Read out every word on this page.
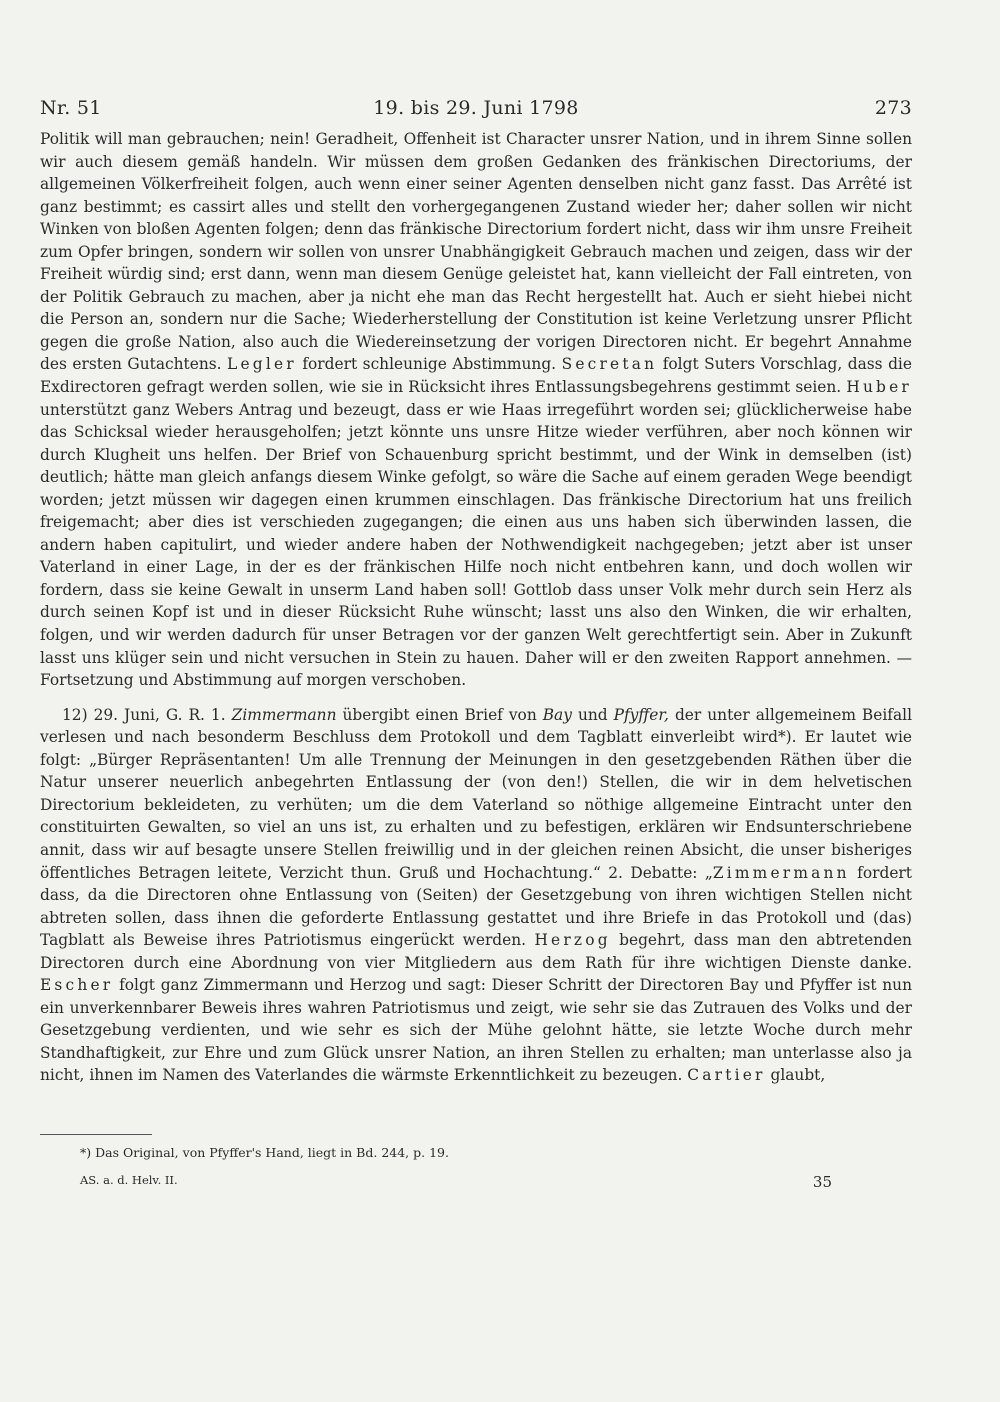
Nr. 51	19. bis 29. Juni 1798	273

Politik will man gebrauchen; nein! Geradheit, Offenheit ist Character unsrer Nation, und in ihrem Sinne sollen wir auch diesem gemäß handeln. Wir müssen dem großen Gedanken des fränkischen Directoriums, der allgemeinen Völkerfreiheit folgen, auch wenn einer seiner Agenten denselben nicht ganz fasst. Das Arrêté ist ganz bestimmt; es cassirt alles und stellt den vorhergegangenen Zustand wieder her; daher sollen wir nicht Winken von bloßen Agenten folgen; denn das fränkische Directorium fordert nicht, dass wir ihm unsre Freiheit zum Opfer bringen, sondern wir sollen von unsrer Unabhängigkeit Gebrauch machen und zeigen, dass wir der Freiheit würdig sind; erst dann, wenn man diesem Genüge geleistet hat, kann vielleicht der Fall eintreten, von der Politik Gebrauch zu machen, aber ja nicht ehe man das Recht hergestellt hat. Auch er sieht hiebei nicht die Person an, sondern nur die Sache; Wiederherstellung der Constitution ist keine Verletzung unsrer Pflicht gegen die große Nation, also auch die Wiedereinsetzung der vorigen Directoren nicht. Er begehrt Annahme des ersten Gutachtens. Legler fordert schleunige Abstimmung. Secretan folgt Suters Vorschlag, dass die Exdirectoren gefragt werden sollen, wie sie in Rücksicht ihres Entlassungsbegehrens gestimmt seien. Huber unterstützt ganz Webers Antrag und bezeugt, dass er wie Haas irregeführt worden sei; glücklicherweise habe das Schicksal wieder herausgeholfen; jetzt könnte uns unsre Hitze wieder verführen, aber noch können wir durch Klugheit uns helfen. Der Brief von Schauenburg spricht bestimmt, und der Wink in demselben (ist) deutlich; hätte man gleich anfangs diesem Winke gefolgt, so wäre die Sache auf einem geraden Wege beendigt worden; jetzt müssen wir dagegen einen krummen einschlagen. Das fränkische Directorium hat uns freilich freigemacht; aber dies ist verschieden zugegangen; die einen aus uns haben sich überwinden lassen, die andern haben capitulirt, und wieder andere haben der Nothwendigkeit nachgegeben; jetzt aber ist unser Vaterland in einer Lage, in der es der fränkischen Hilfe noch nicht entbehren kann, und doch wollen wir fordern, dass sie keine Gewalt in unserm Land haben soll! Gottlob dass unser Volk mehr durch sein Herz als durch seinen Kopf ist und in dieser Rücksicht Ruhe wünscht; lasst uns also den Winken, die wir erhalten, folgen, und wir werden dadurch für unser Betragen vor der ganzen Welt gerechtfertigt sein. Aber in Zukunft lasst uns klüger sein und nicht versuchen in Stein zu hauen. Daher will er den zweiten Rapport annehmen. — Fortsetzung und Abstimmung auf morgen verschoben.

12) 29. Juni, G. R. 1. Zimmermann übergibt einen Brief von Bay und Pfyffer, der unter allgemeinem Beifall verlesen und nach besonderm Beschluss dem Protokoll und dem Tagblatt einverleibt wird*). Er lautet wie folgt: „Bürger Repräsentanten! Um alle Trennung der Meinungen in den gesetzgebenden Räthen über die Natur unserer neuerlich anbegehrten Entlassung der (von den!) Stellen, die wir in dem helvetischen Directorium bekleideten, zu verhüten; um die dem Vaterland so nöthige allgemeine Eintracht unter den constituirten Gewalten, so viel an uns ist, zu erhalten und zu befestigen, erklären wir Endsunterschriebene annit, dass wir auf besagte unsere Stellen freiwillig und in der gleichen reinen Absicht, die unser bisheriges öffentliches Betragen leitete, Verzicht thun. Gruß und Hochachtung.“ 2. Debatte: „Zimmermann fordert dass, da die Directoren ohne Entlassung von (Seiten) der Gesetzgebung von ihren wichtigen Stellen nicht abtreten sollen, dass ihnen die geforderte Entlassung gestattet und ihre Briefe in das Protokoll und (das) Tagblatt als Beweise ihres Patriotismus eingerückt werden. Herzog begehrt, dass man den abtretenden Directoren durch eine Abordnung von vier Mitgliedern aus dem Rath für ihre wichtigen Dienste danke. Escher folgt ganz Zimmermann und Herzog und sagt: Dieser Schritt der Directoren Bay und Pfyffer ist nun ein unverkennbarer Beweis ihres wahren Patriotismus und zeigt, wie sehr sie das Zutrauen des Volks und der Gesetzgebung verdienten, und wie sehr es sich der Mühe gelohnt hätte, sie letzte Woche durch mehr Standhaftigkeit, zur Ehre und zum Glück unsrer Nation, an ihren Stellen zu erhalten; man unterlasse also ja nicht, ihnen im Namen des Vaterlandes die wärmste Erkenntlichkeit zu bezeugen. Cartier glaubt,

*) Das Original, von Pfyffer's Hand, liegt in Bd. 244, p. 19.
AS. a. d. Helv. II.	35
